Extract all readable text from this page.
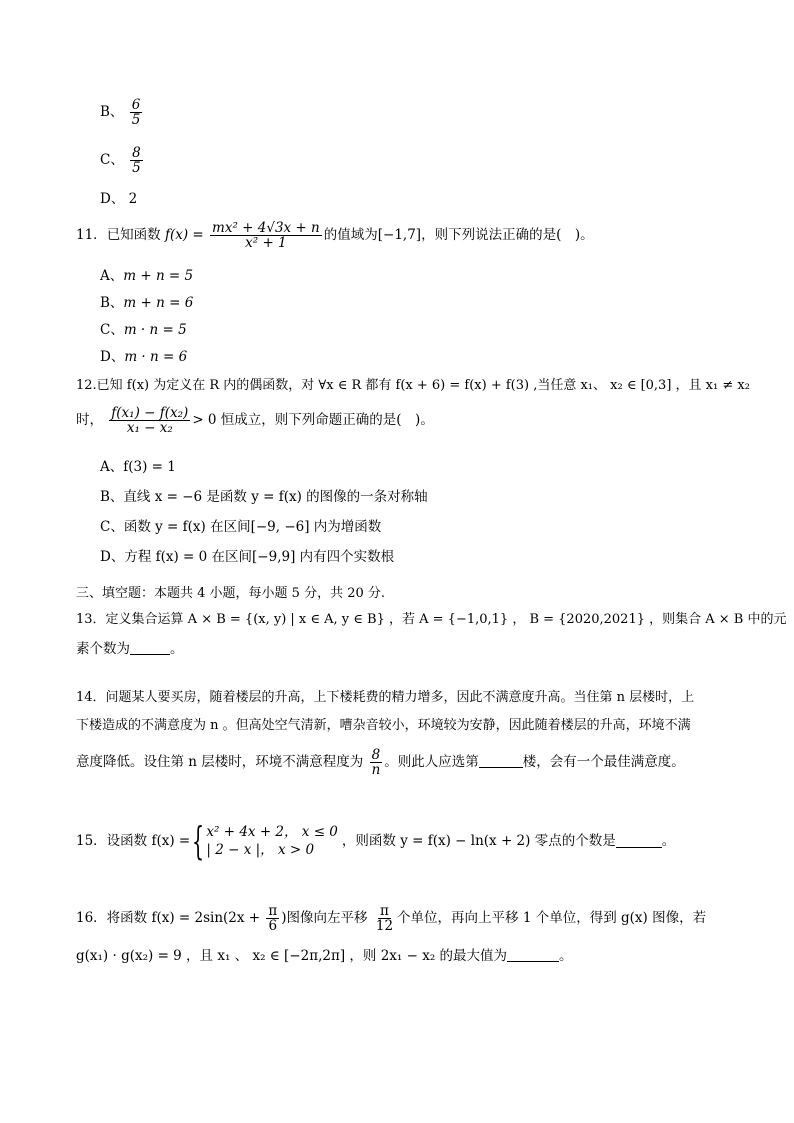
B、 $\frac{6}{5}$
C、 $\frac{8}{5}$
D、 2
11．已知函数 $f(x) = \frac{\text{mx² + 4√3x + n}}{\text{x² + 1}}$ 的值域为[−1,7]，则下列说法正确的是(　)。
A、m + n = 5
B、m + n = 6
C、m · n = 5
D、m · n = 6
12.已知 f(x) 为定义在 R 内的偶函数，对 ∀x ∈ R 都有 f(x + 6) = f(x) + f(3) ,当任意 x₁、 x₂ ∈ [0,3] ，且 x₁ ≠ x₂
时， $\frac{\text{f(x₁) − f(x₂)}}{\text{x₁ − x₂}} > 0$ 恒成立，则下列命题正确的是(　)。
A、f(3) = 1
B、直线 x = −6 是函数 y = f(x) 的图像的一条对称轴
C、函数 y = f(x) 在区间[−9, −6] 内为增函数
D、方程 f(x) = 0 在区间[−9,9] 内有四个实数根
三、填空题：本题共 4 小题，每小题 5 分，共 20 分.
13．定义集合运算 A × B = {(x, y) | x ∈ A, y ∈ B} ，若 A = {−1,0,1} ， B = {2020,2021} ，则集合 A × B 中的元
素个数为	。
14．问题某人要买房，随着楼层的升高，上下楼耗费的精力增多，因此不满意度升高。当住第 n 层楼时，上
下楼造成的不满意度为 n 。但高处空气清新，嘈杂音较小，环境较为安静，因此随着楼层的升高，环境不满
意度降低。设住第 n 层楼时，环境不满意程度为 $\frac{8}{n}$ 。则此人应选第	楼，会有一个最佳满意度。
15．设函数 f(x) = { x² + 4x + 2， x ≤ 0
| 2 − x |， x > 0
，则函数 y = f(x) − ln(x + 2) 零点的个数是	。
16．将函数 $f(x) = 2\sin(2x + \frac{\pi}{6}$ )图像向左平移 $\frac{\pi}{12}$ 个单位，再向上平移 1 个单位，得到 g(x) 图像，若
g(x₁) · g(x₂) = 9 ，且 x₁ 、 x₂ ∈ [−2π,2π] ，则 2x₁ − x₂ 的最大值为	。
